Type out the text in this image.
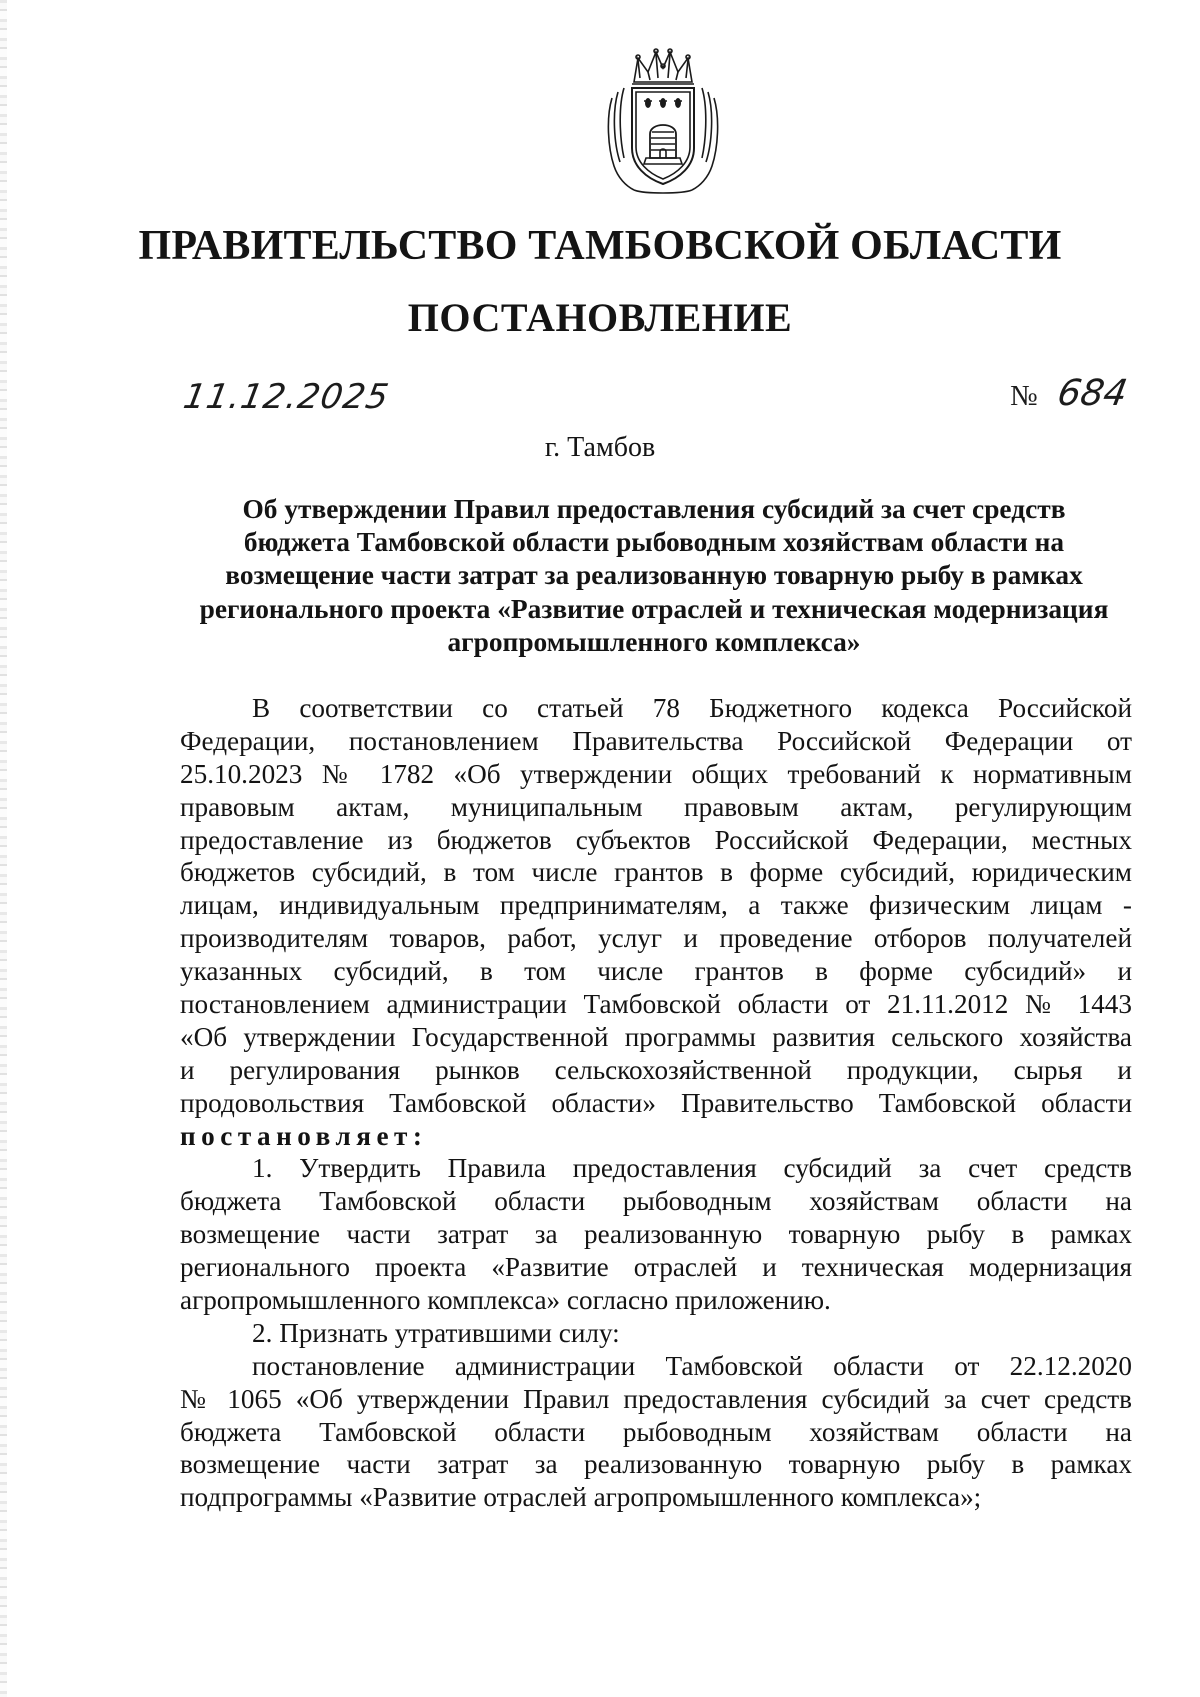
ПРАВИТЕЛЬСТВО ТАМБОВСКОЙ ОБЛАСТИ
ПОСТАНОВЛЕНИЕ
11.12.2025	№ 684
г. Тамбов
Об утверждении Правил предоставления субсидий за счет средств
бюджета Тамбовской области рыбоводным хозяйствам области на
возмещение части затрат за реализованную товарную рыбу в рамках
регионального проекта «Развитие отраслей и техническая модернизация
агропромышленного комплекса»
В соответствии со статьей 78 Бюджетного кодекса Российской
Федерации, постановлением Правительства Российской Федерации от
25.10.2023 № 1782 «Об утверждении общих требований к нормативным
правовым актам, муниципальным правовым актам, регулирующим
предоставление из бюджетов субъектов Российской Федерации, местных
бюджетов субсидий, в том числе грантов в форме субсидий, юридическим
лицам, индивидуальным предпринимателям, а также физическим лицам -
производителям товаров, работ, услуг и проведение отборов получателей
указанных субсидий, в том числе грантов в форме субсидий» и
постановлением администрации Тамбовской области от 21.11.2012 № 1443
«Об утверждении Государственной программы развития сельского хозяйства
и регулирования рынков сельскохозяйственной продукции, сырья и
продовольствия Тамбовской области» Правительство Тамбовской области
постановляет:
1. Утвердить Правила предоставления субсидий за счет средств
бюджета Тамбовской области рыбоводным хозяйствам области на
возмещение части затрат за реализованную товарную рыбу в рамках
регионального проекта «Развитие отраслей и техническая модернизация
агропромышленного комплекса» согласно приложению.
2. Признать утратившими силу:
постановление администрации Тамбовской области от 22.12.2020
№ 1065 «Об утверждении Правил предоставления субсидий за счет средств
бюджета Тамбовской области рыбоводным хозяйствам области на
возмещение части затрат за реализованную товарную рыбу в рамках
подпрограммы «Развитие отраслей агропромышленного комплекса»;
